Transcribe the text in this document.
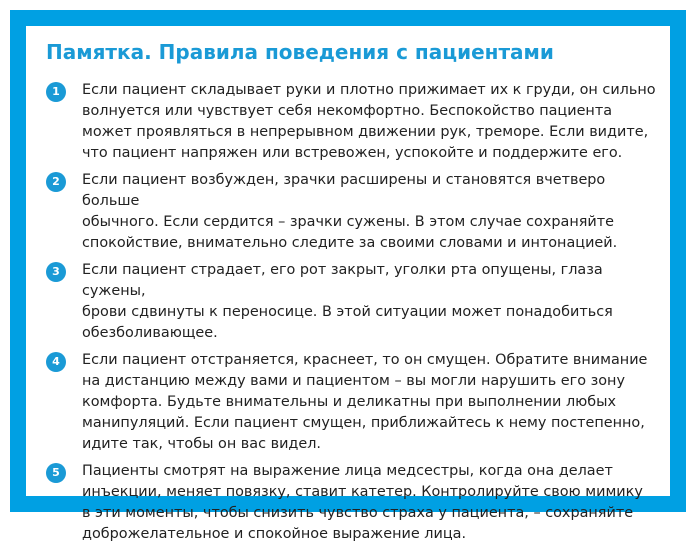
Памятка. Правила поведения с пациентами
1	Если пациент складывает руки и плотно прижимает их к груди, он сильно
волнуется или чувствует себя некомфортно. Беспокойство пациента
может проявляться в непрерывном движении рук, треморе. Если видите,
что пациент напряжен или встревожен, успокойте и поддержите его.
2	Если пациент возбужден, зрачки расширены и становятся вчетверо больше
обычного. Если сердится – зрачки сужены. В этом случае сохраняйте
спокойствие, внимательно следите за своими словами и интонацией.
3	Если пациент страдает, его рот закрыт, уголки рта опущены, глаза сужены,
брови сдвинуты к переносице. В этой ситуации может понадобиться
обезболивающее.
4	Если пациент отстраняется, краснеет, то он смущен. Обратите внимание
на дистанцию между вами и пациентом – вы могли нарушить его зону
комфорта. Будьте внимательны и деликатны при выполнении любых
манипуляций. Если пациент смущен, приближайтесь к нему постепенно,
идите так, чтобы он вас видел.
5	Пациенты смотрят на выражение лица медсестры, когда она делает
инъекции, меняет повязку, ставит катетер. Контролируйте свою мимику
в эти моменты, чтобы снизить чувство страха у пациента, – сохраняйте
доброжелательное и спокойное выражение лица.
